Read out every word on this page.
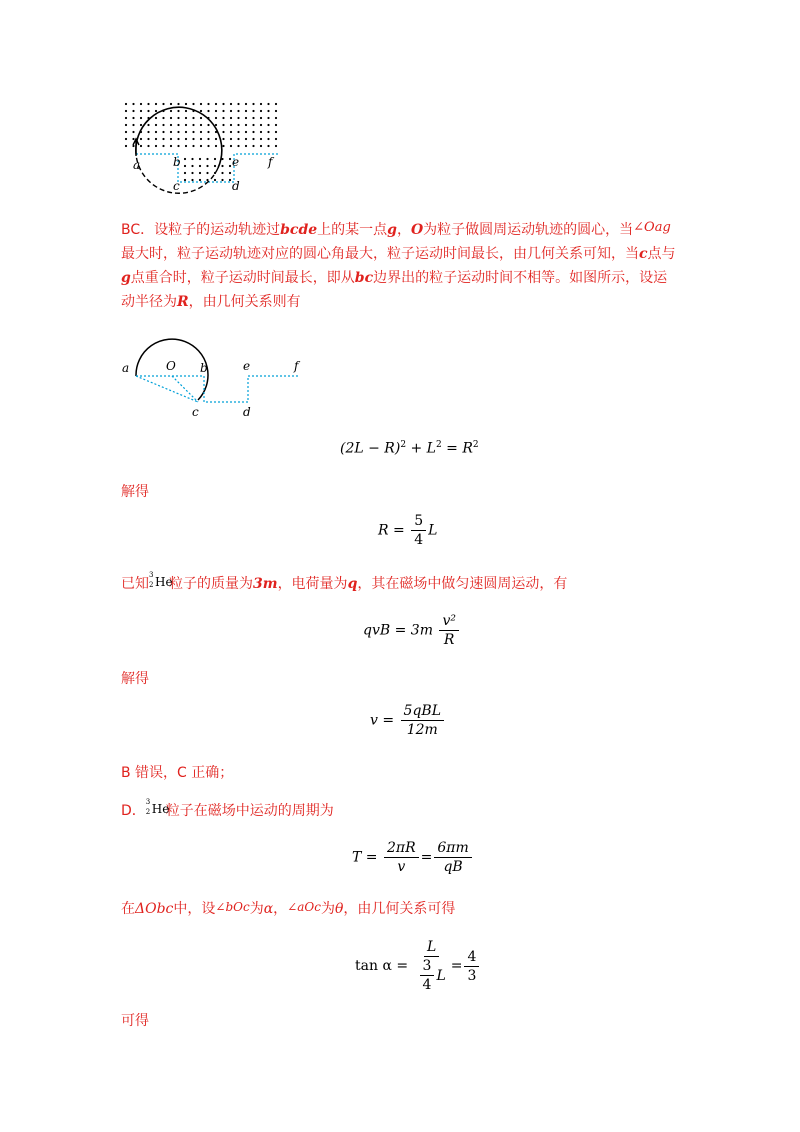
a	b
c	d
e f
BC．设粒子的运动轨迹过bcde上的某一点g，O为粒子做圆周运动轨迹的圆心，当∠Oag最大时，粒子运动轨迹对应的圆心角最大，粒子运动时间最长，由几何关系可知，当c点与g点重合时，粒子运动时间最长，即从bc边界出的粒子运动时间不相等。如图所示，设运动半径为R，由几何关系则有
a	O b
c	d
e	f
$(2L - R)^2 + L^2 = R^2$
解得
$R = \frac{5}{4}$ L
已知
3
2 He
粒子的质量为3m，电荷量为q，其在磁场中做匀速圆周运动，有
qvB = $3m \frac{\text{v²}}{R}$
解得
$v = \frac{\text{5qBL}}{12m}$
B 错误，C 正确；
D．
3
2 He
粒子在磁场中运动的周期为
$T = \frac{2\pi R}{v} = \frac{6\pi m}{qB}$
在ΔObc中，设∠bOc为α，∠aOc为θ，由几何关系可得
$\tan \alpha = \frac{L}{\frac{3}{4} L} = \frac{4}{3}$
可得
